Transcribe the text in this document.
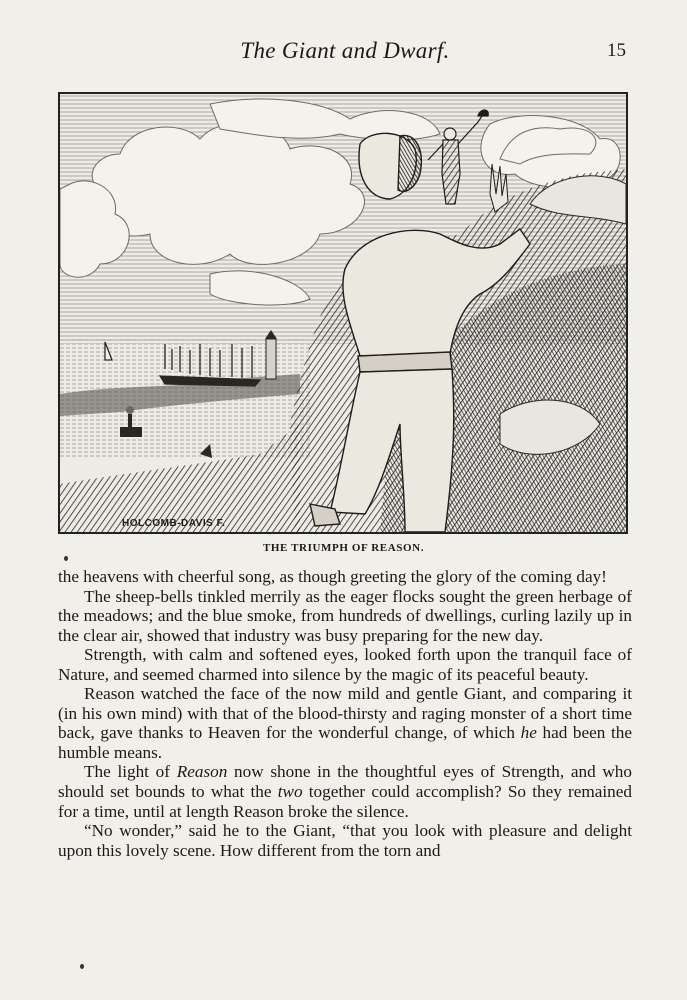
The Giant and Dwarf.	15
HOLCOMB-DAVIS F.
THE TRIUMPH OF REASON.

the heavens with cheerful song, as though greeting the glory of the coming day!

The sheep-bells tinkled merrily as the eager flocks sought the green herbage of the meadows; and the blue smoke, from hundreds of dwellings, curling lazily up in the clear air, showed that industry was busy preparing for the new day.

Strength, with calm and softened eyes, looked forth upon the tranquil face of Nature, and seemed charmed into silence by the magic of its peaceful beauty.

Reason watched the face of the now mild and gentle Giant, and comparing it (in his own mind) with that of the blood-thirsty and raging monster of a short time back, gave thanks to Heaven for the wonderful change, of which he had been the humble means.

The light of Reason now shone in the thoughtful eyes of Strength, and who should set bounds to what the two together could accomplish? So they remained for a time, until at length Reason broke the silence.

“No wonder,” said he to the Giant, “that you look with pleasure and delight upon this lovely scene. How different from the torn and
